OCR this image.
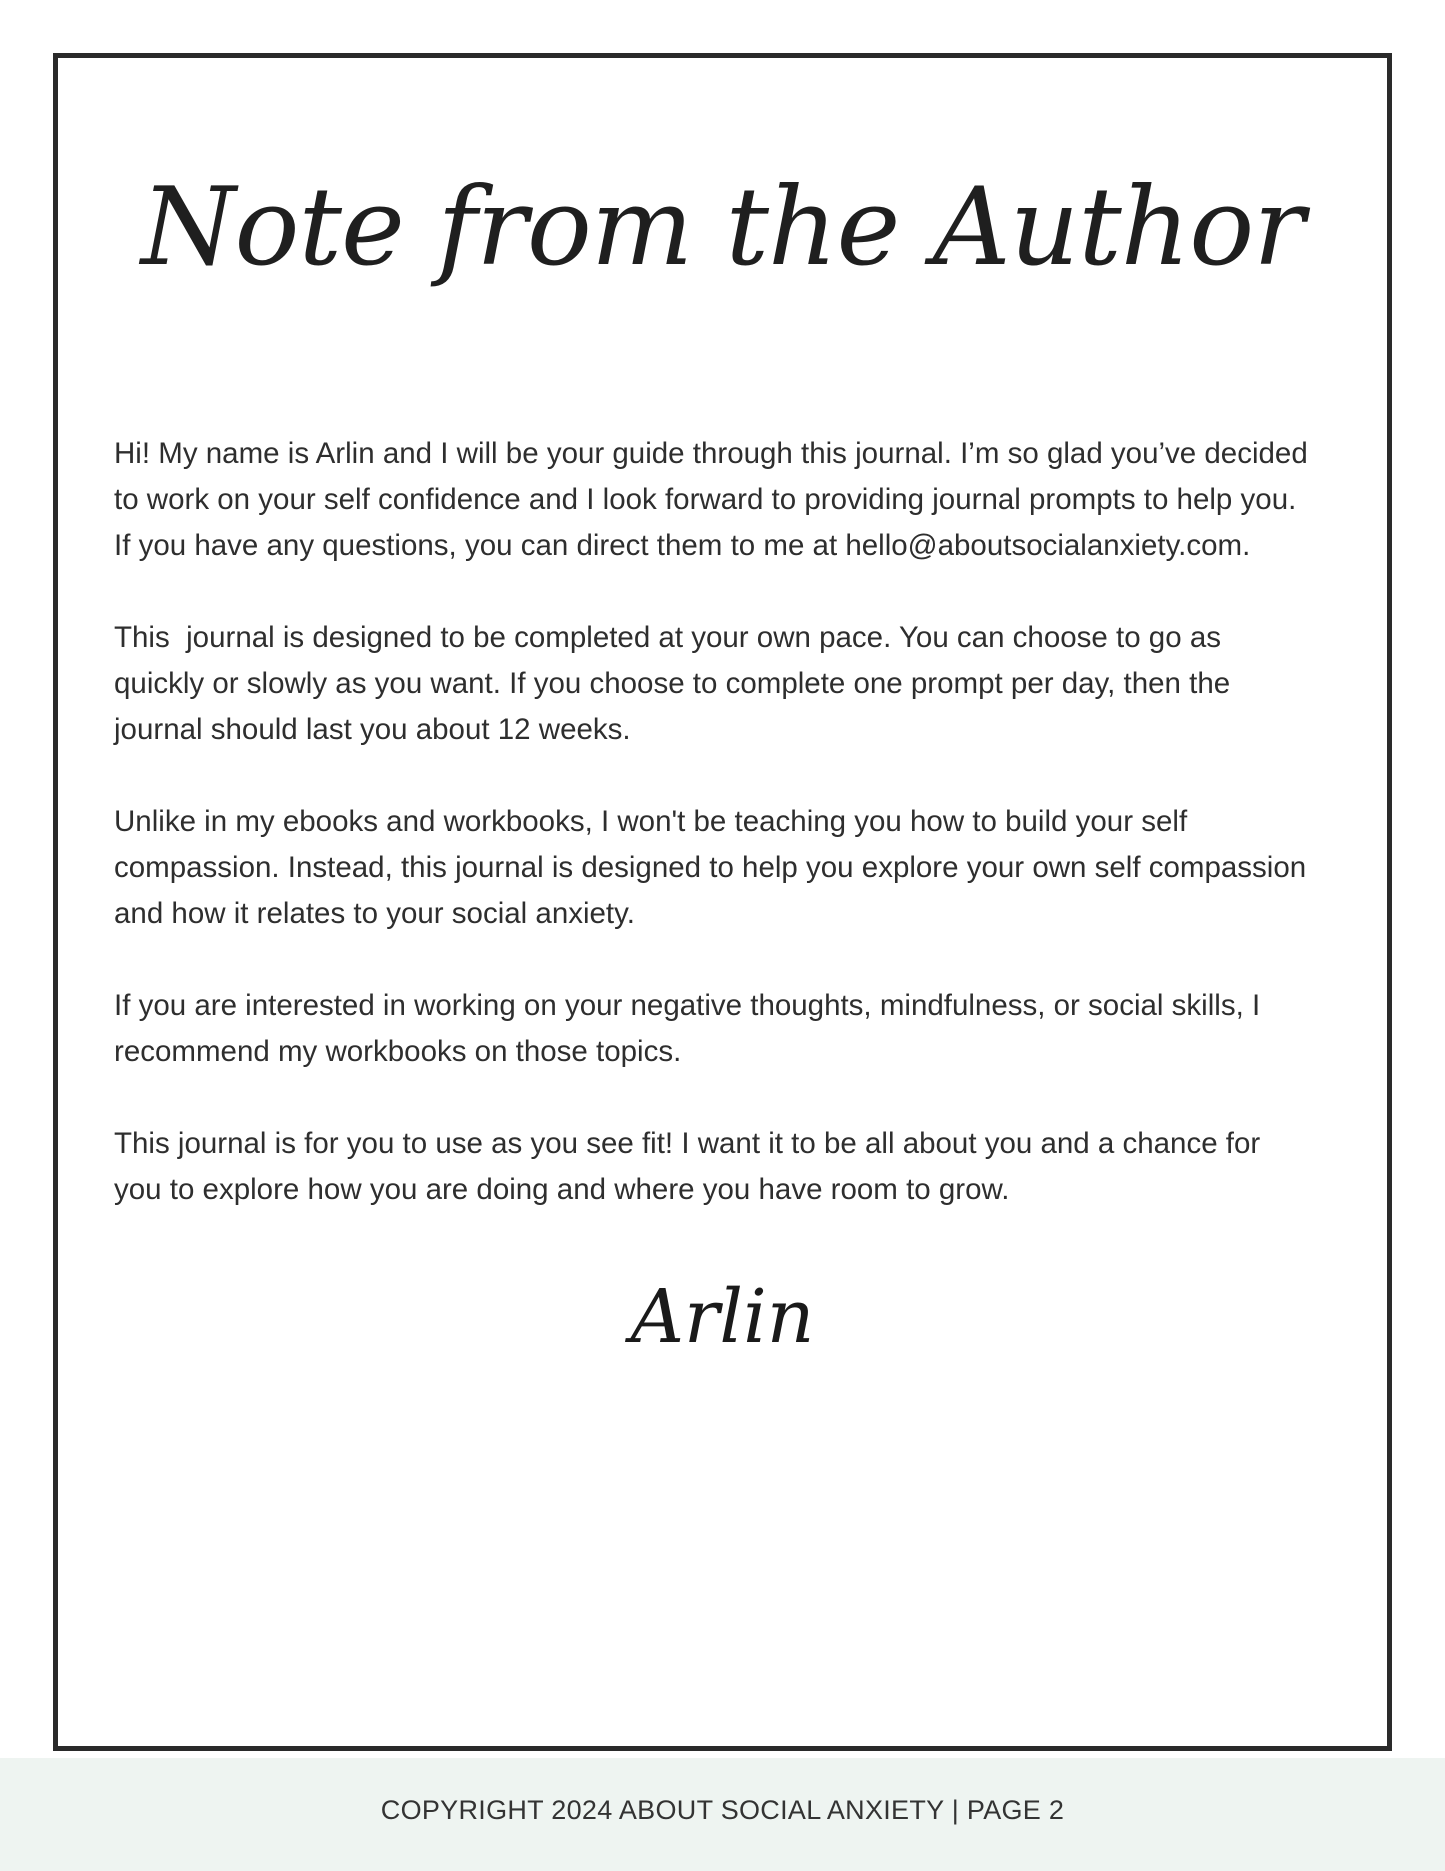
Note from the Author

Hi! My name is Arlin and I will be your guide through this journal. I’m so glad you’ve decided to work on your self confidence and I look forward to providing journal prompts to help you. If you have any questions, you can direct them to me at hello@aboutsocialanxiety.com.

This  journal is designed to be completed at your own pace. You can choose to go as quickly or slowly as you want. If you choose to complete one prompt per day, then the journal should last you about 12 weeks.

Unlike in my ebooks and workbooks, I won't be teaching you how to build your self compassion. Instead, this journal is designed to help you explore your own self compassion and how it relates to your social anxiety.

If you are interested in working on your negative thoughts, mindfulness, or social skills, I recommend my workbooks on those topics.

This journal is for you to use as you see fit! I want it to be all about you and a chance for you to explore how you are doing and where you have room to grow.

Arlin
COPYRIGHT 2024 ABOUT SOCIAL ANXIETY | PAGE 2
